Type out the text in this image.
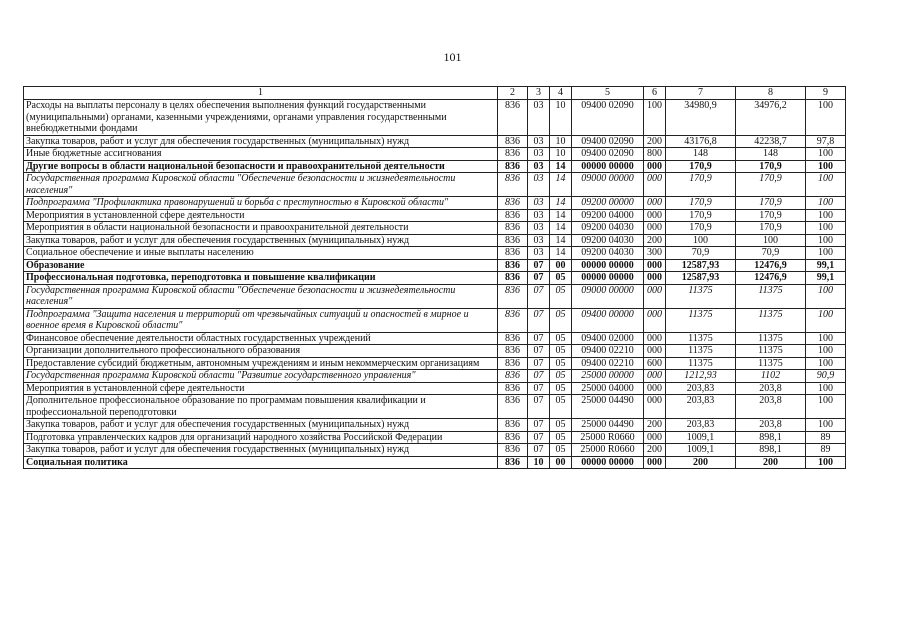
101
1	2	3	4	5	6	7	8	9
Расходы на выплаты персоналу в целях обеспечения выполнения функций государственными (муниципальными) органами, казенными учреждениями, органами управления государственными внебюджетными фондами	836	03	10	09400 02090	100	34980,9	34976,2	100
Закупка товаров, работ и услуг для обеспечения государственных (муниципальных) нужд	836	03	10	09400 02090	200	43176,8	42238,7	97,8
Иные бюджетные ассигнования	836	03	10	09400 02090	800	148	148	100
Другие вопросы в области национальной безопасности и правоохранительной деятельности	836	03	14	00000 00000	000	170,9	170,9	100
Государственная программа Кировской области "Обеспечение безопасности и жизнедеятельности населения"	836	03	14	09000 00000	000	170,9	170,9	100
Подпрограмма "Профилактика правонарушений и борьба с преступностью в Кировской области"	836	03	14	09200 00000	000	170,9	170,9	100
Мероприятия в установленной сфере деятельности	836	03	14	09200 04000	000	170,9	170,9	100
Мероприятия в области национальной безопасности и правоохранительной деятельности	836	03	14	09200 04030	000	170,9	170,9	100
Закупка товаров, работ и услуг для обеспечения государственных (муниципальных) нужд	836	03	14	09200 04030	200	100	100	100
Социальное обеспечение и иные выплаты населению	836	03	14	09200 04030	300	70,9	70,9	100
Образование	836	07	00	00000 00000	000	12587,93	12476,9	99,1
Профессиональная подготовка, переподготовка и повышение квалификации	836	07	05	00000 00000	000	12587,93	12476,9	99,1
Государственная программа Кировской области "Обеспечение безопасности и жизнедеятельности населения"	836	07	05	09000 00000	000	11375	11375	100
Подпрограмма "Защита населения и территорий от чрезвычайных ситуаций и опасностей в мирное и военное время в Кировской области"	836	07	05	09400 00000	000	11375	11375	100
Финансовое обеспечение деятельности областных государственных учреждений	836	07	05	09400 02000	000	11375	11375	100
Организации дополнительного профессионального образования	836	07	05	09400 02210	000	11375	11375	100
Предоставление субсидий бюджетным, автономным учреждениям и иным некоммерческим организациям	836	07	05	09400 02210	600	11375	11375	100
Государственная программа Кировской области "Развитие государственного управления"	836	07	05	25000 00000	000	1212,93	1102	90,9
Мероприятия в установленной сфере деятельности	836	07	05	25000 04000	000	203,83	203,8	100
Дополнительное профессиональное образование по программам повышения квалификации и профессиональной переподготовки	836	07	05	25000 04490	000	203,83	203,8	100
Закупка товаров, работ и услуг для обеспечения государственных (муниципальных) нужд	836	07	05	25000 04490	200	203,83	203,8	100
Подготовка управленческих кадров для организаций народного хозяйства Российской Федерации	836	07	05	25000 R0660	000	1009,1	898,1	89
Закупка товаров, работ и услуг для обеспечения государственных (муниципальных) нужд	836	07	05	25000 R0660	200	1009,1	898,1	89
Социальная политика	836	10	00	00000 00000	000	200	200	100
